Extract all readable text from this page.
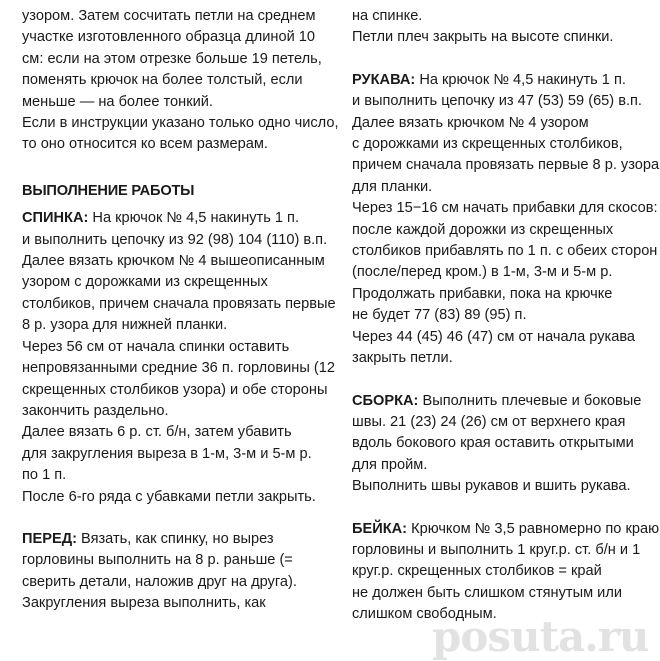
узором. Затем сосчитать петли на среднем
участке изготовленного образца длиной 10
см: если на этом отрезке больше 19 петель,
поменять крючок на более толстый, если
меньше — на более тонкий.
Если в инструкции указано только одно число,
то оно относится ко всем размерам.
ВЫПОЛНЕНИЕ РАБОТЫ
СПИНКА: На крючок № 4,5 накинуть 1 п.
и выполнить цепочку из 92 (98) 104 (110) в.п.
Далее вязать крючком № 4 вышеописанным
узором с дорожками из скрещенных
столбиков, причем сначала провязать первые
8 р. узора для нижней планки.
Через 56 см от начала спинки оставить
непровязанными средние 36 п. горловины (12
скрещенных столбиков узора) и обе стороны
закончить раздельно.
Далее вязать 6 р. ст. б/н, затем убавить
для закругления выреза в 1-м, 3-м и 5-м р.
по 1 п.
После 6-го ряда с убавками петли закрыть.
ПЕРЕД: Вязать, как спинку, но вырез
горловины выполнить на 8 р. раньше (=
сверить детали, наложив друг на друга).
Закругления выреза выполнить, как
на спинке.
Петли плеч закрыть на высоте спинки.
РУКАВА: На крючок № 4,5 накинуть 1 п.
и выполнить цепочку из 47 (53) 59 (65) в.п.
Далее вязать крючком № 4 узором
с дорожками из скрещенных столбиков,
причем сначала провязать первые 8 р. узора
для планки.
Через 15−16 см начать прибавки для скосов:
после каждой дорожки из скрещенных
столбиков прибавлять по 1 п. с обеих сторон
(после/перед кром.) в 1-м, 3-м и 5-м р.
Продолжать прибавки, пока на крючке
не будет 77 (83) 89 (95) п.
Через 44 (45) 46 (47) см от начала рукава
закрыть петли.
СБОРКА: Выполнить плечевые и боковые
швы. 21 (23) 24 (26) см от верхнего края
вдоль бокового края оставить открытыми
для пройм.
Выполнить швы рукавов и вшить рукава.
БЕЙКА: Крючком № 3,5 равномерно по краю
горловины и выполнить 1 круг.р. ст. б/н и 1
круг.р. скрещенных столбиков = край
не должен быть слишком стянутым или
слишком свободным.
posuta.ru
